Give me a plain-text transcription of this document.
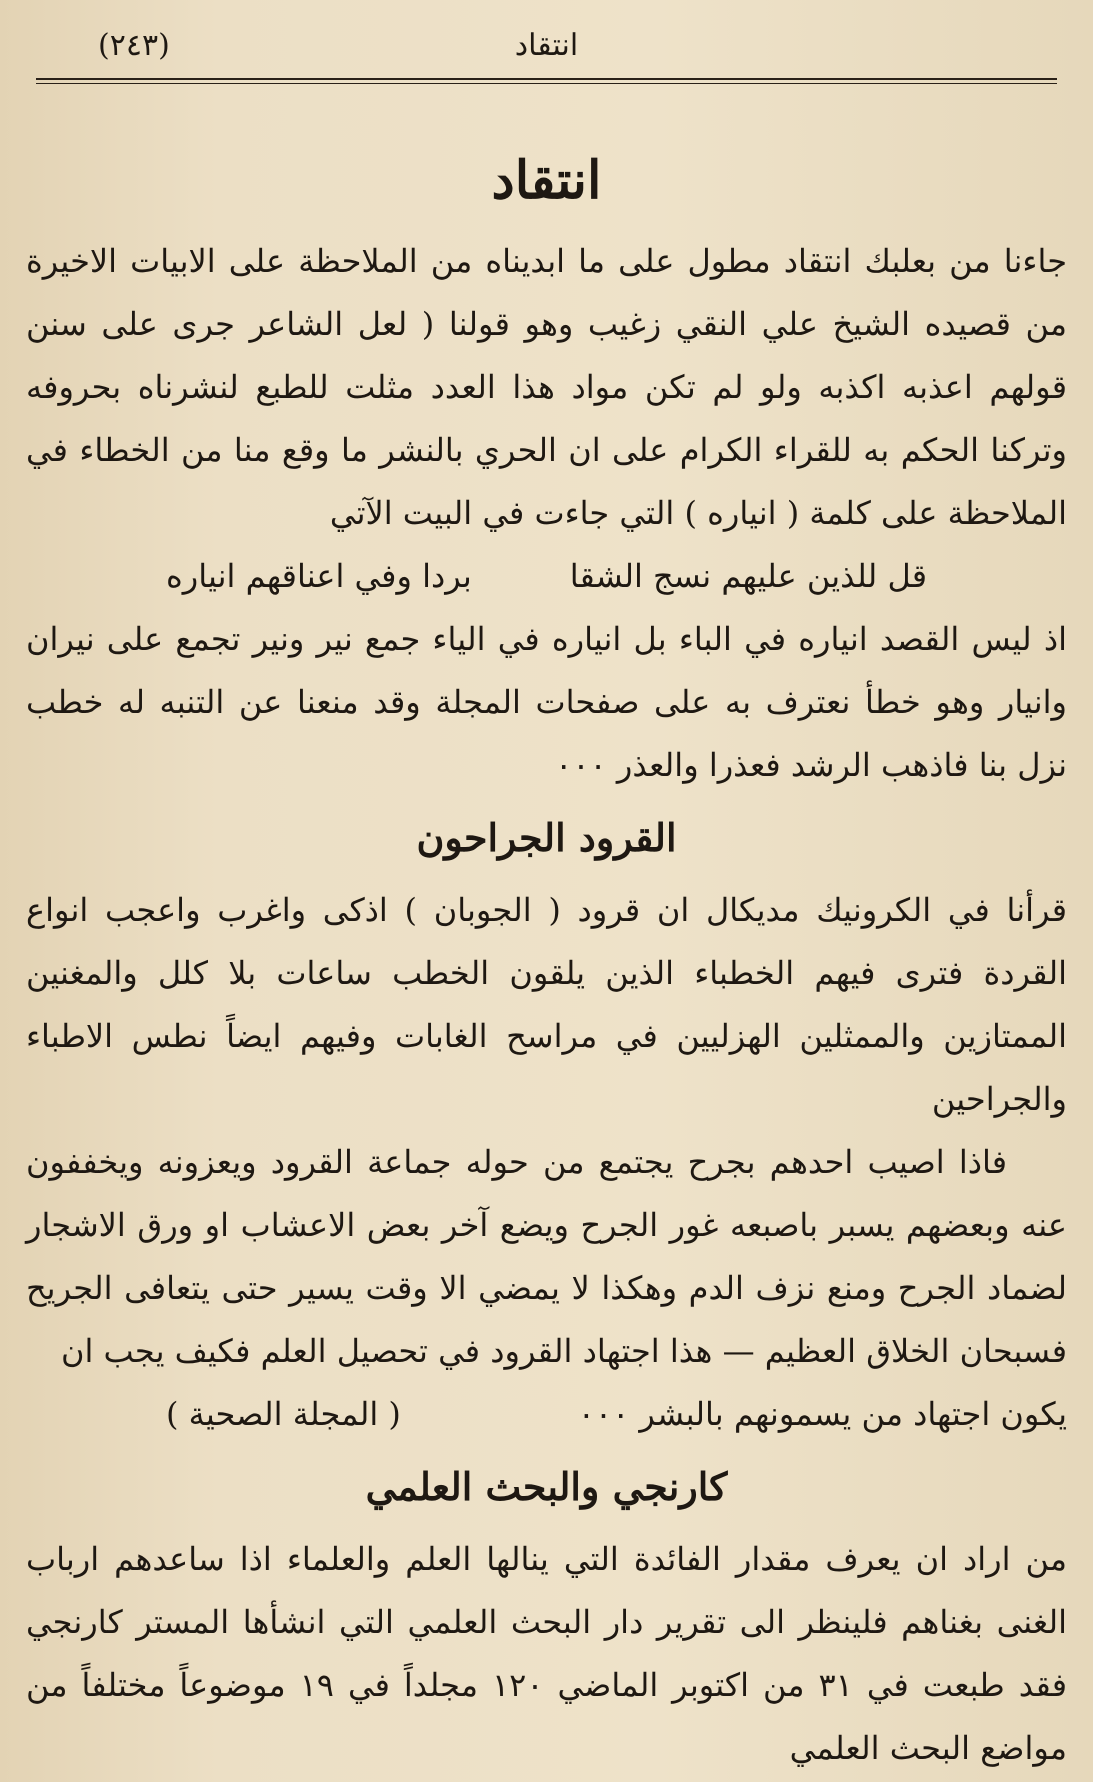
انتقاد
(٢٤٣)
انتقاد

جاءنا من بعلبك انتقاد مطول على ما ابديناه من الملاحظة على الابيات الاخيرة من قصيده الشيخ علي النقي زغيب وهو قولنا ( لعل الشاعر جرى على سنن قولهم اعذبه اكذبه ولو لم تكن مواد هذا العدد مثلت للطبع لنشرناه بحروفه وتركنا الحكم به للقراء الكرام على ان الحري بالنشر ما وقع منا من الخطاء في الملاحظة على كلمة ( انياره ) التي جاءت في البيت الآتي

قل للذين عليهم نسج الشقا
بردا وفي اعناقهم انياره

اذ ليس القصد انياره في الباء بل انياره في الياء جمع نير ونير تجمع على نيران وانيار وهو خطأ نعترف به على صفحات المجلة وقد منعنا عن التنبه له خطب نزل بنا فاذهب الرشد فعذرا والعذر ٠٠٠

القرود الجراحون

قرأنا في الكرونيك مديكال ان قرود ( الجوبان ) اذكى واغرب واعجب انواع القردة فترى فيهم الخطباء الذين يلقون الخطب ساعات بلا كلل والمغنين الممتازين والممثلين الهزليين في مراسح الغابات وفيهم ايضاً نطس الاطباء والجراحين

فاذا اصيب احدهم بجرح يجتمع من حوله جماعة القرود ويعزونه ويخففون عنه وبعضهم يسبر باصبعه غور الجرح ويضع آخر بعض الاعشاب او ورق الاشجار لضماد الجرح ومنع نزف الدم وهكذا لا يمضي الا وقت يسير حتى يتعافى الجريح فسبحان الخلاق العظيم — هذا اجتهاد القرود في تحصيل العلم فكيف يجب ان

يكون اجتهاد من يسمونهم بالبشر ٠٠٠
( المجلة الصحية )
كارنجي والبحث العلمي

من اراد ان يعرف مقدار الفائدة التي ينالها العلم والعلماء اذا ساعدهم ارباب الغنى بغناهم فلينظر الى تقرير دار البحث العلمي التي انشأها المستر كارنجي فقد طبعت في ٣١ من اكتوبر الماضي ١٢٠ مجلداً في ١٩ موضوعاً مختلفاً من مواضع البحث العلمي
